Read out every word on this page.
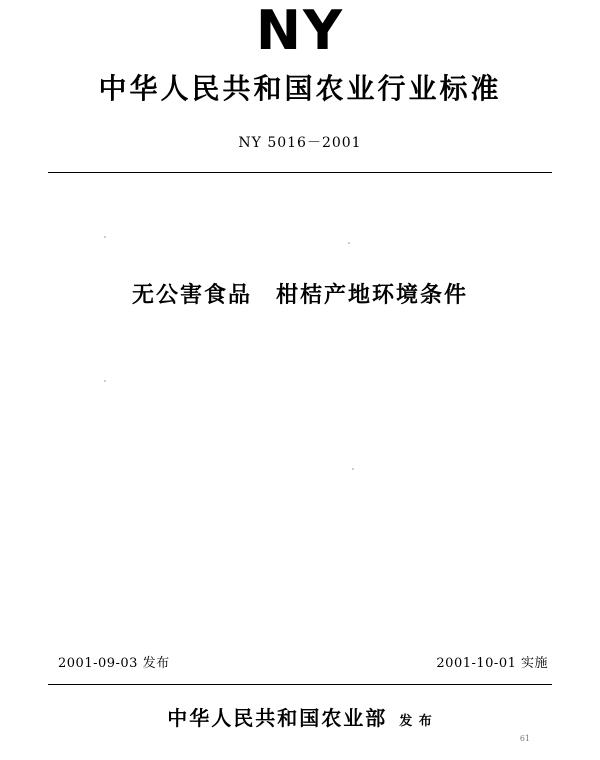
NY
中华人民共和国农业行业标准
NY 5016－2001
无公害食品 柑桔产地环境条件
2001-09-03 发布	2001-10-01 实施
中华人民共和国农业部 发 布
61
